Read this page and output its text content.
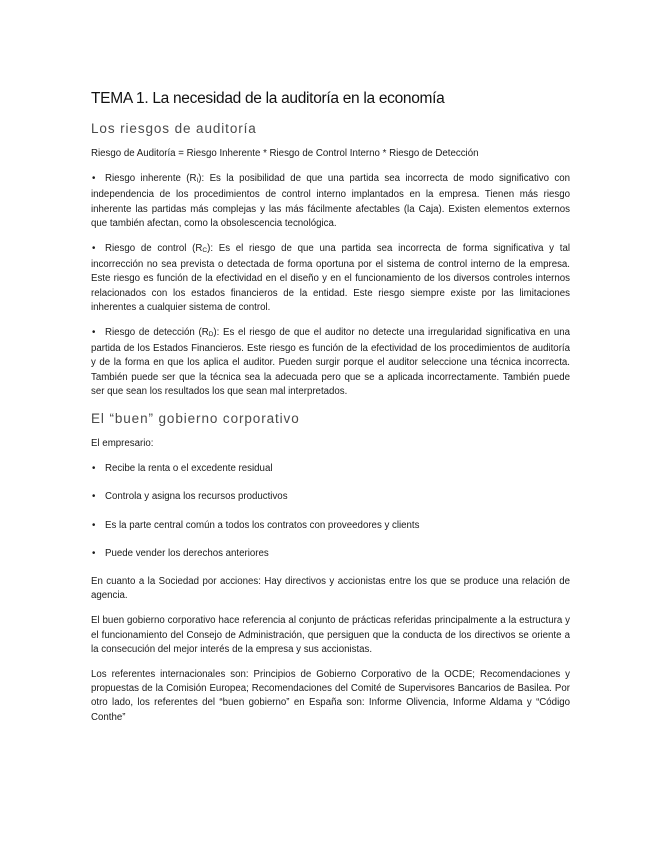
TEMA 1. La necesidad de la auditoría en la economía
Los riesgos de auditoría

Riesgo de Auditoría = Riesgo Inherente * Riesgo de Control Interno * Riesgo de Detección

• Riesgo inherente $(R_I)$: Es la posibilidad de que una partida sea incorrecta de modo significativo con independencia de los procedimientos de control interno implantados en la empresa. Tienen más riesgo inherente las partidas más complejas y las más fácilmente afectables (la Caja). Existen elementos externos que también afectan, como la obsolescencia tecnológica.

• Riesgo de control $(R_C)$: Es el riesgo de que una partida sea incorrecta de forma significativa y tal incorrección no sea prevista o detectada de forma oportuna por el sistema de control interno de la empresa. Este riesgo es función de la efectividad en el diseño y en el funcionamiento de los diversos controles internos relacionados con los estados financieros de la entidad. Este riesgo siempre existe por las limitaciones inherentes a cualquier sistema de control.

• Riesgo de detección $(R_D)$: Es el riesgo de que el auditor no detecte una irregularidad significativa en una partida de los Estados Financieros. Este riesgo es función de la efectividad de los procedimientos de auditoría y de la forma en que los aplica el auditor. Pueden surgir porque el auditor seleccione una técnica incorrecta. También puede ser que la técnica sea la adecuada pero que se a aplicada incorrectamente. También puede ser que sean los resultados los que sean mal interpretados.

El “buen” gobierno corporativo

El empresario:

• Recibe la renta o el excedente residual
• Controla y asigna los recursos productivos
• Es la parte central común a todos los contratos con proveedores y clients
• Puede vender los derechos anteriores

En cuanto a la Sociedad por acciones: Hay directivos y accionistas entre los que se produce una relación de agencia.

El buen gobierno corporativo hace referencia al conjunto de prácticas referidas principalmente a la estructura y el funcionamiento del Consejo de Administración, que persiguen que la conducta de los directivos se oriente a la consecución del mejor interés de la empresa y sus accionistas.

Los referentes internacionales son: Principios de Gobierno Corporativo de la OCDE; Recomendaciones y propuestas de la Comisión Europea; Recomendaciones del Comité de Supervisores Bancarios de Basilea. Por otro lado, los referentes del “buen gobierno” en España son: Informe Olivencia, Informe Aldama y “Código Conthe”
